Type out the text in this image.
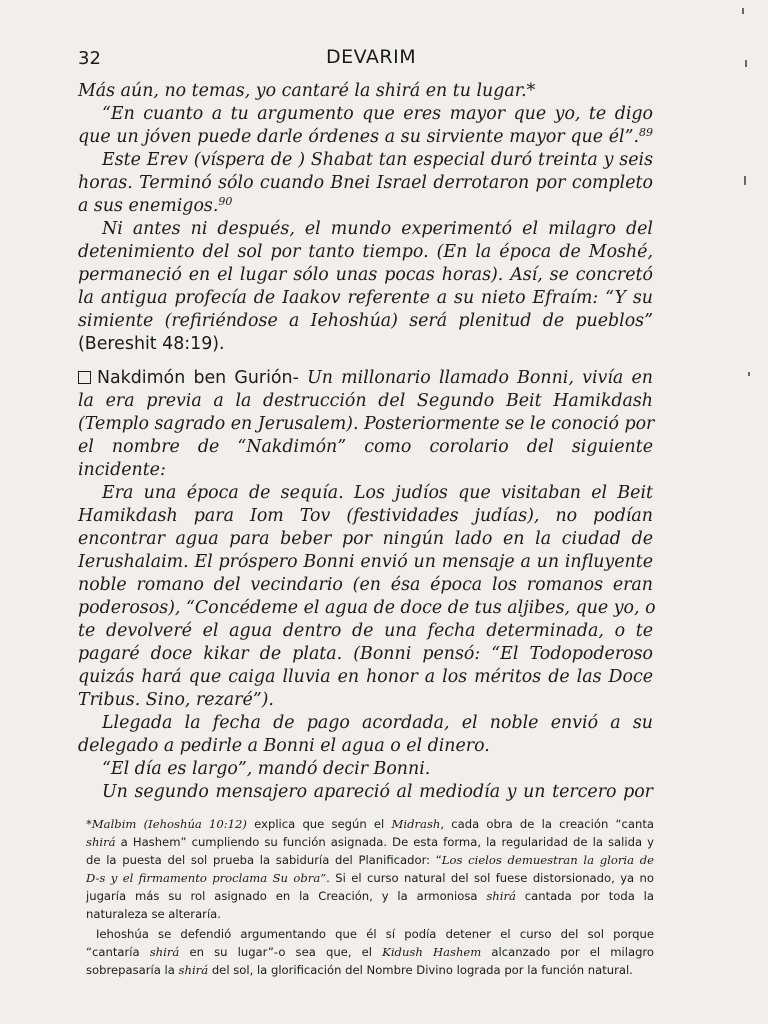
32	DEVARIM
Más aún, no temas, yo cantaré la shirá en tu lugar.*
“En cuanto a tu argumento que eres mayor que yo, te digo
que un jóven puede darle órdenes a su sirviente mayor que él”.$^{89}$
Este Erev (víspera de ) Shabat tan especial duró treinta y seis
horas. Terminó sólo cuando Bnei Israel derrotaron por completo
a sus enemigos.$^{90}$
Ni antes ni después, el mundo experimentó el milagro del
detenimiento del sol por tanto tiempo. (En la época de Moshé,
permaneció en el lugar sólo unas pocas horas). Así, se concretó
la antigua profecía de Iaakov referente a su nieto Efraím: “Y su
simiente (refiriéndose a Iehoshúa) será plenitud de pueblos”
(Bereshit 48:19).
Nakdimón ben Gurión- Un millonario llamado Bonni, vivía en
la era previa a la destrucción del Segundo Beit Hamikdash
(Templo sagrado en Jerusalem). Posteriormente se le conoció por
el nombre de “Nakdimón” como corolario del siguiente
incidente:
Era una época de sequía. Los judíos que visitaban el Beit
Hamikdash para Iom Tov (festividades judías), no podían
encontrar agua para beber por ningún lado en la ciudad de
Ierushalaim. El próspero Bonni envió un mensaje a un influyente
noble romano del vecindario (en ésa época los romanos eran
poderosos), “Concédeme el agua de doce de tus aljibes, que yo, o
te devolveré el agua dentro de una fecha determinada, o te
pagaré doce kikar de plata. (Bonni pensó: “El Todopoderoso
quizás hará que caiga lluvia en honor a los méritos de las Doce
Tribus. Sino, rezaré”).
Llegada la fecha de pago acordada, el noble envió a su
delegado a pedirle a Bonni el agua o el dinero.
“El día es largo”, mandó decir Bonni.
Un segundo mensajero apareció al mediodía y un tercero por
*Malbim (Iehoshúa 10:12) explica que según el Midrash, cada obra de la creación “canta
shirá a Hashem” cumpliendo su función asignada. De esta forma, la regularidad de la salida y
de la puesta del sol prueba la sabiduría del Planificador: “Los cielos demuestran la gloria de
D-s y el firmamento proclama Su obra”. Si el curso natural del sol fuese distorsionado, ya no
jugaría más su rol asignado en la Creación, y la armoniosa shirá cantada por toda la
naturaleza se alteraría.
Iehoshúa se defendió argumentando que él sí podía detener el curso del sol porque
“cantaría shirá en su lugar”-o sea que, el Kidush Hashem alcanzado por el milagro
sobrepasaría la shirá del sol, la glorificación del Nombre Divino lograda por la función natural.
